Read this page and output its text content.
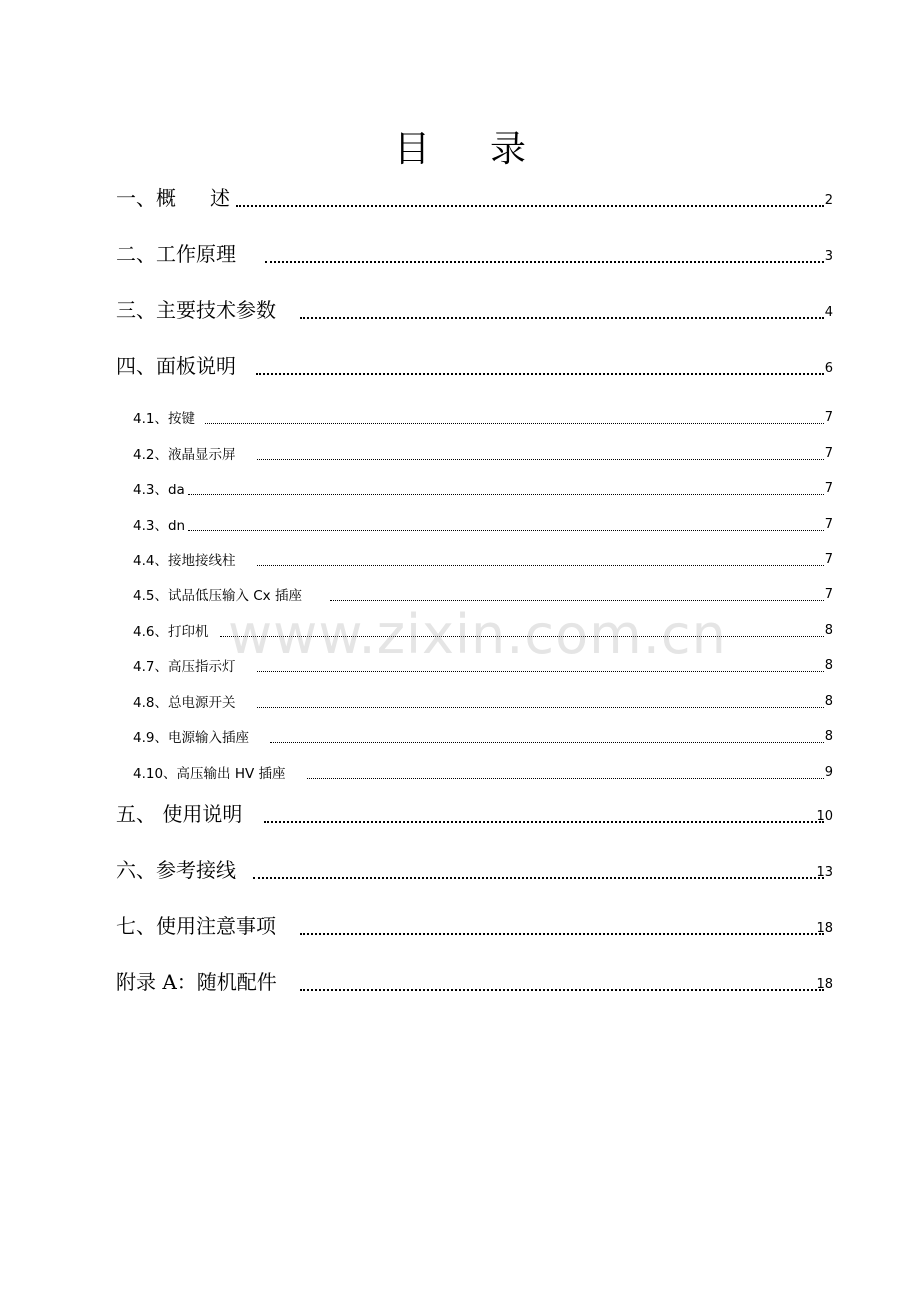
目 录
一、概 述	2
二、工作原理	3
三、主要技术参数	4
四、面板说明	6
4.1、按键	7
4.2、液晶显示屏	7
4.3、da	7
4.3、dn	7
4.4、接地接线柱	7
4.5、试品低压输入 Cx 插座	7
4.6、打印机	8
4.7、高压指示灯	8
4.8、总电源开关	8
4.9、电源输入插座	8
4.10、高压输出 HV 插座	9
五、 使用说明	10
六、参考接线	13
七、使用注意事项	18
附录 A：随机配件	18
www.zixin.com.cn
